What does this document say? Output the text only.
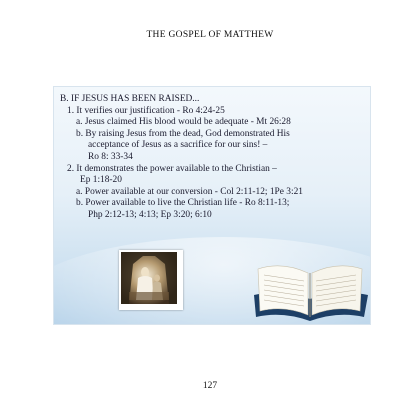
THE GOSPEL OF MATTHEW
B. IF JESUS HAS BEEN RAISED...
1. It verifies our justification - Ro 4:24-25
a. Jesus claimed His blood would be adequate - Mt 26:28
b. By raising Jesus from the dead, God demonstrated His
acceptance of Jesus as a sacrifice for our sins! –
Ro 8: 33-34
2. It demonstrates the power available to the Christian –
Ep 1:18-20
a. Power available at our conversion - Col 2:11-12; 1Pe 3:21
b. Power available to live the Christian life - Ro 8:11-13;
Php 2:12-13; 4:13; Ep 3:20; 6:10
127
